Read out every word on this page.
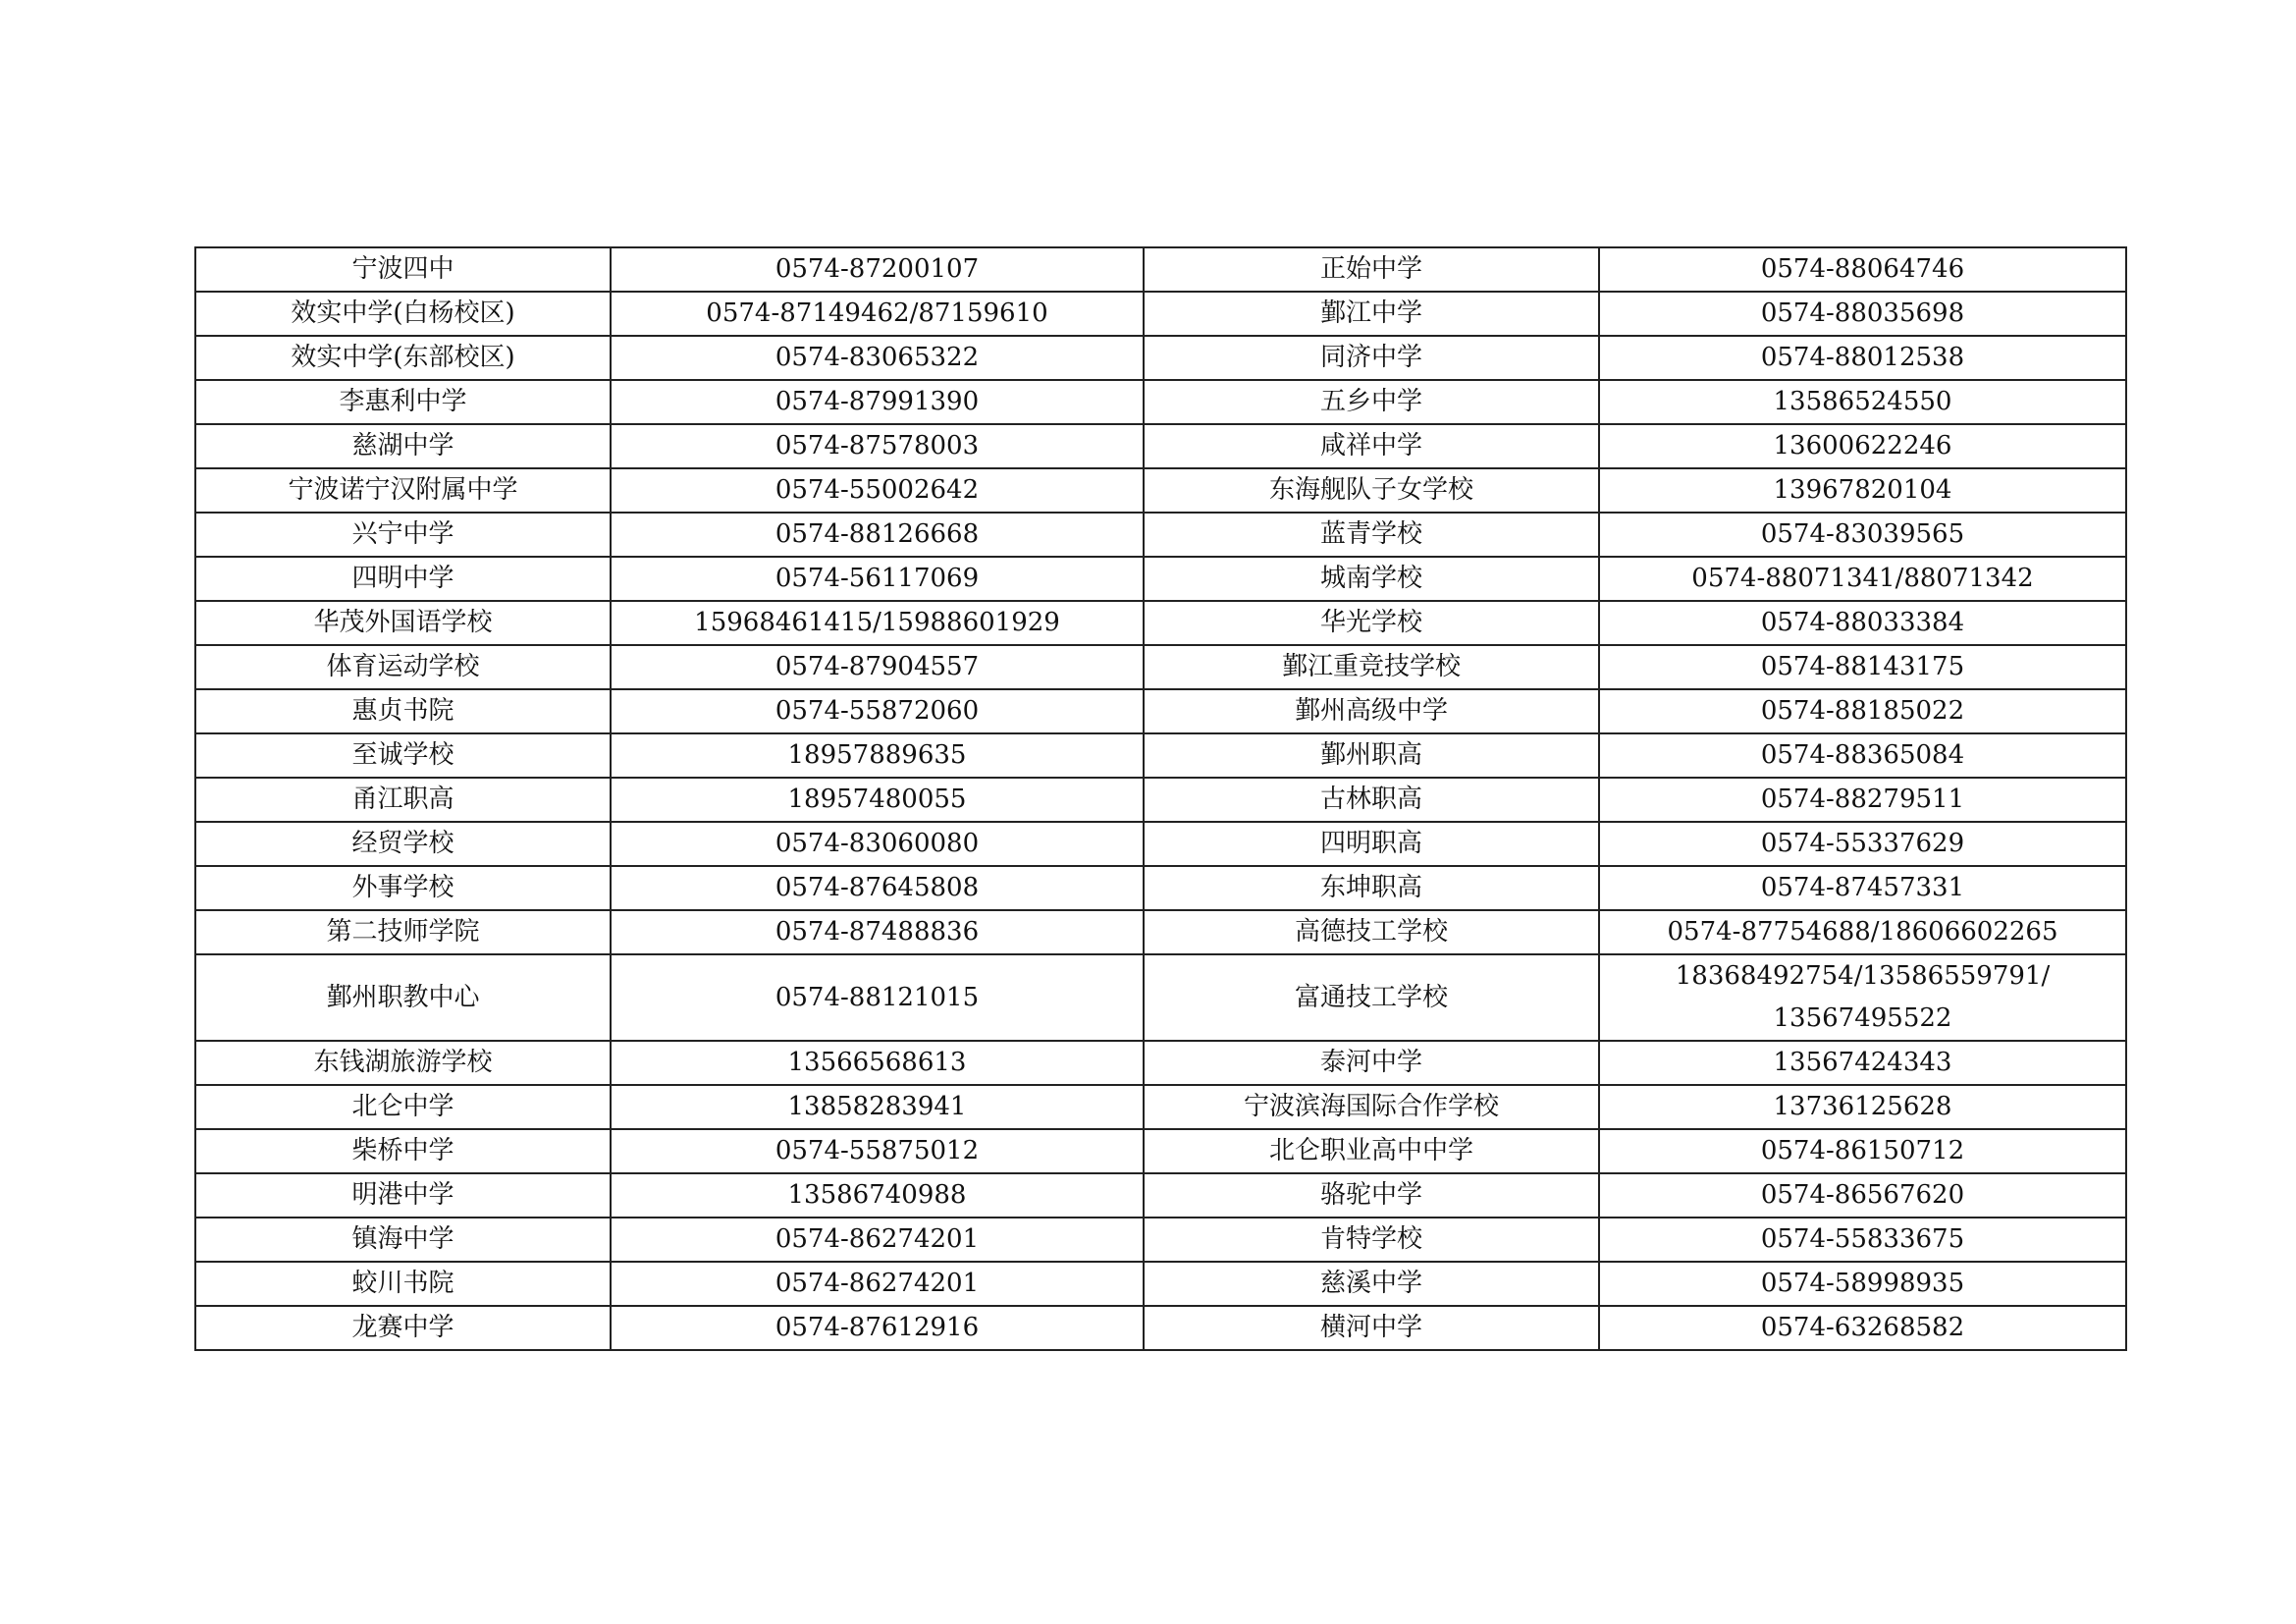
宁波四中	0574-87200107	正始中学	0574-88064746

效实中学(白杨校区)	0574-87149462/87159610	鄞江中学	0574-88035698

效实中学(东部校区)	0574-83065322	同济中学	0574-88012538

李惠利中学	0574-87991390	五乡中学	13586524550

慈湖中学	0574-87578003	咸祥中学	13600622246

宁波诺宁汉附属中学	0574-55002642	东海舰队子女学校	13967820104

兴宁中学	0574-88126668	蓝青学校	0574-83039565

四明中学	0574-56117069	城南学校	0574-88071341/88071342

华茂外国语学校	15968461415/15988601929	华光学校	0574-88033384

体育运动学校	0574-87904557	鄞江重竞技学校	0574-88143175

惠贞书院	0574-55872060	鄞州高级中学	0574-88185022

至诚学校	18957889635	鄞州职高	0574-88365084

甬江职高	18957480055	古林职高	0574-88279511

经贸学校	0574-83060080	四明职高	0574-55337629

外事学校	0574-87645808	东坤职高	0574-87457331

第二技师学院	0574-87488836	高德技工学校	0574-87754688/18606602265

鄞州职教中心	0574-88121015	富通技工学校	18368492754/13586559791/
13567495522

东钱湖旅游学校	13566568613	泰河中学	13567424343

北仑中学	13858283941	宁波滨海国际合作学校	13736125628

柴桥中学	0574-55875012	北仑职业高中中学	0574-86150712

明港中学	13586740988	骆驼中学	0574-86567620

镇海中学	0574-86274201	肯特学校	0574-55833675

蛟川书院	0574-86274201	慈溪中学	0574-58998935

龙赛中学	0574-87612916	横河中学	0574-63268582
